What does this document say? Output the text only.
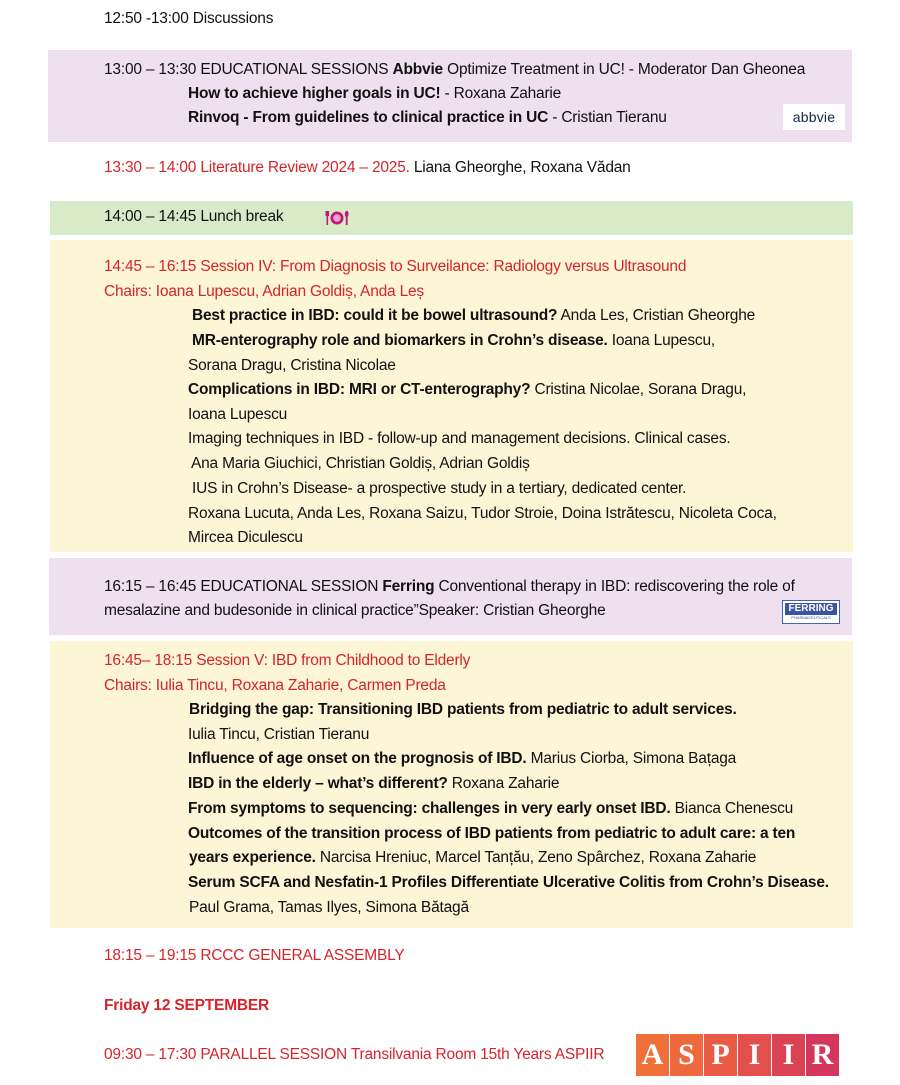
12:50 -13:00 Discussions
13:00 – 13:30 EDUCATIONAL SESSIONS Abbvie Optimize Treatment in UC! - Moderator Dan Gheonea
How to achieve higher goals in UC! - Roxana Zaharie
Rinvoq - From guidelines to clinical practice in UC - Cristian Tieranu	abbvie
13:30 – 14:00 Literature Review 2024 – 2025. Liana Gheorghe, Roxana Vădan
14:00 – 14:45 Lunch break
14:45 – 16:15 Session IV: From Diagnosis to Surveilance: Radiology versus Ultrasound
Chairs: Ioana Lupescu, Adrian Goldiș, Anda Leș
Best practice in IBD: could it be bowel ultrasound? Anda Les, Cristian Gheorghe
MR-enterography role and biomarkers in Crohn’s disease. Ioana Lupescu,
Sorana Dragu, Cristina Nicolae
Complications in IBD: MRI or CT-enterography? Cristina Nicolae, Sorana Dragu,
Ioana Lupescu
Imaging techniques in IBD - follow-up and management decisions. Clinical cases.
Ana Maria Giuchici, Christian Goldiș, Adrian Goldiș
IUS in Crohn’s Disease- a prospective study in a tertiary, dedicated center.
Roxana Lucuta, Anda Les, Roxana Saizu, Tudor Stroie, Doina Istrătescu, Nicoleta Coca,
Mircea Diculescu
16:15 – 16:45 EDUCATIONAL SESSION Ferring Conventional therapy in IBD: rediscovering the role of
mesalazine and budesonide in clinical practice”Speaker: Cristian Gheorghe	FERRING
PHARMACEUTICALS
16:45– 18:15 Session V: IBD from Childhood to Elderly
Chairs: Iulia Tincu, Roxana Zaharie, Carmen Preda
Bridging the gap: Transitioning IBD patients from pediatric to adult services.
Iulia Tincu, Cristian Tieranu
Influence of age onset on the prognosis of IBD. Marius Ciorba, Simona Bațaga
IBD in the elderly – what’s different? Roxana Zaharie
From symptoms to sequencing: challenges in very early onset IBD. Bianca Chenescu
Outcomes of the transition process of IBD patients from pediatric to adult care: a ten
years experience. Narcisa Hreniuc, Marcel Tanțău, Zeno Spârchez, Roxana Zaharie
Serum SCFA and Nesfatin-1 Profiles Differentiate Ulcerative Colitis from Crohn’s Disease.
Paul Grama, Tamas Ilyes, Simona Bătagă
18:15 – 19:15 RCCC GENERAL ASSEMBLY
Friday 12 SEPTEMBER
09:30 – 17:30 PARALLEL SESSION Transilvania Room 15th Years ASPIIR A S P I I R
